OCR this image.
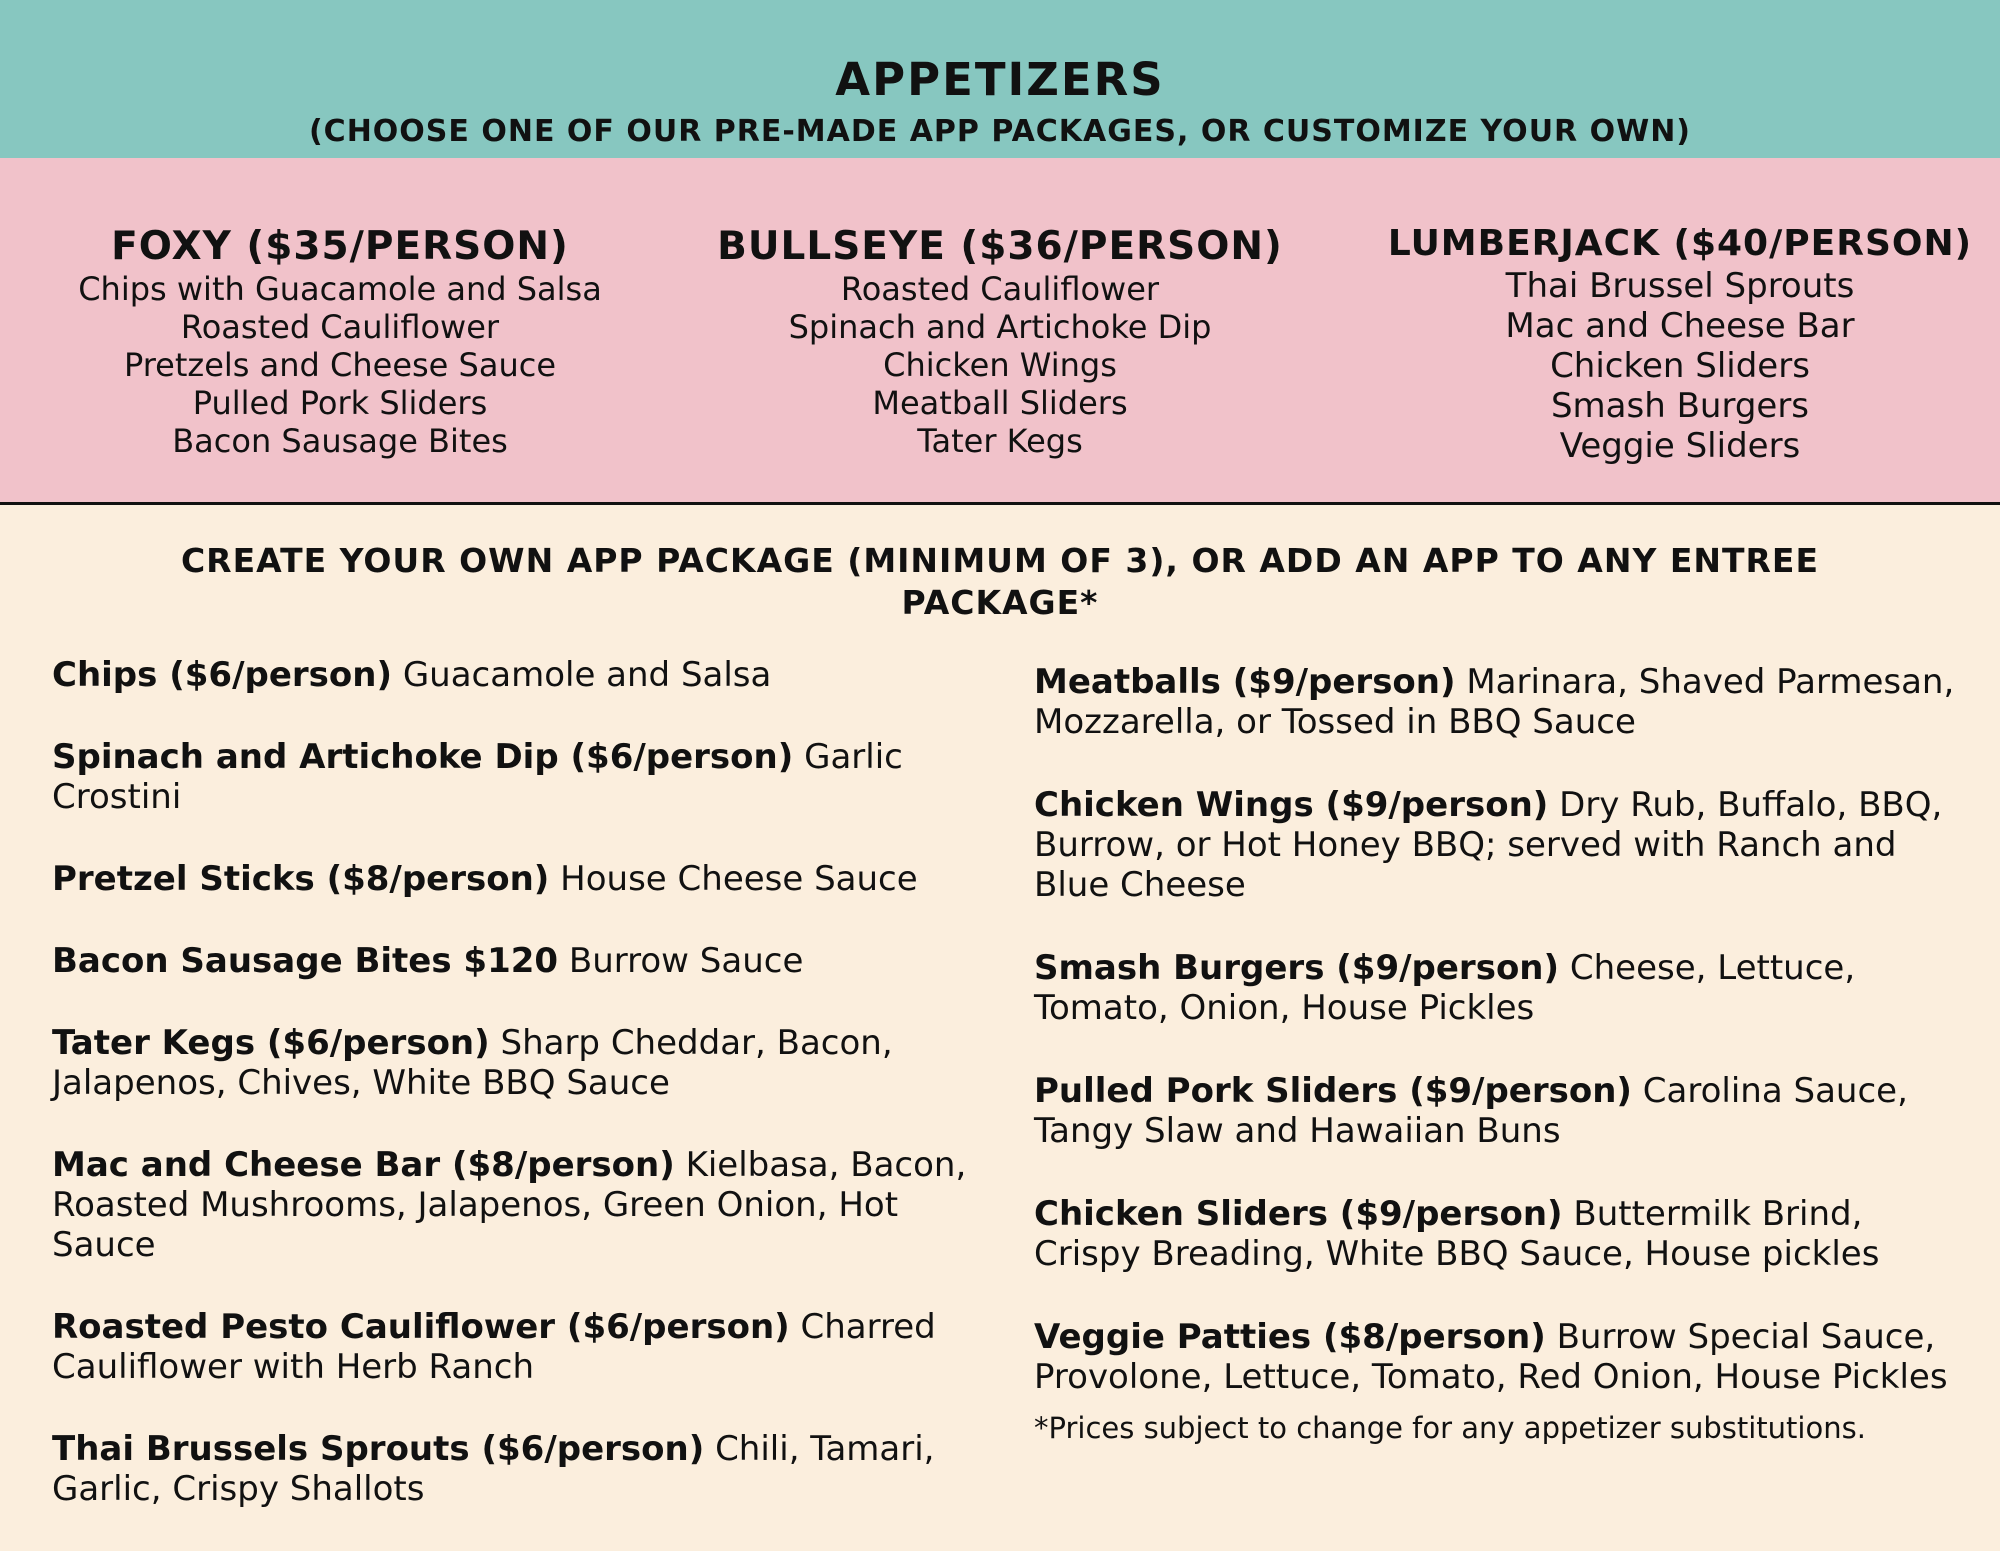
APPETIZERS
(CHOOSE ONE OF OUR PRE-MADE APP PACKAGES, OR CUSTOMIZE YOUR OWN)
FOXY ($35/PERSON)
Chips with Guacamole and Salsa
Roasted Cauliflower
Pretzels and Cheese Sauce
Pulled Pork Sliders
Bacon Sausage Bites
BULLSEYE ($36/PERSON)
Roasted Cauliflower
Spinach and Artichoke Dip
Chicken Wings
Meatball Sliders
Tater Kegs
LUMBERJACK ($40/PERSON)
Thai Brussel Sprouts
Mac and Cheese Bar
Chicken Sliders
Smash Burgers
Veggie Sliders
CREATE YOUR OWN APP PACKAGE (MINIMUM OF 3), OR ADD AN APP TO ANY ENTREE
PACKAGE*
Chips ($6/person) Guacamole and Salsa
Spinach and Artichoke Dip ($6/person) Garlic Crostini
Pretzel Sticks ($8/person) House Cheese Sauce
Bacon Sausage Bites $120 Burrow Sauce
Tater Kegs ($6/person) Sharp Cheddar, Bacon, Jalapenos, Chives, White BBQ Sauce
Mac and Cheese Bar ($8/person) Kielbasa, Bacon, Roasted Mushrooms, Jalapenos, Green Onion, Hot Sauce
Roasted Pesto Cauliflower ($6/person) Charred Cauliflower with Herb Ranch
Thai Brussels Sprouts ($6/person) Chili, Tamari, Garlic, Crispy Shallots
Meatballs ($9/person) Marinara, Shaved Parmesan, Mozzarella, or Tossed in BBQ Sauce
Chicken Wings ($9/person) Dry Rub, Buffalo, BBQ, Burrow, or Hot Honey BBQ; served with Ranch and Blue Cheese
Smash Burgers ($9/person) Cheese, Lettuce, Tomato, Onion, House Pickles
Pulled Pork Sliders ($9/person) Carolina Sauce, Tangy Slaw and Hawaiian Buns
Chicken Sliders ($9/person) Buttermilk Brind, Crispy Breading, White BBQ Sauce, House pickles
Veggie Patties ($8/person) Burrow Special Sauce, Provolone, Lettuce, Tomato, Red Onion, House Pickles
*Prices subject to change for any appetizer substitutions.
